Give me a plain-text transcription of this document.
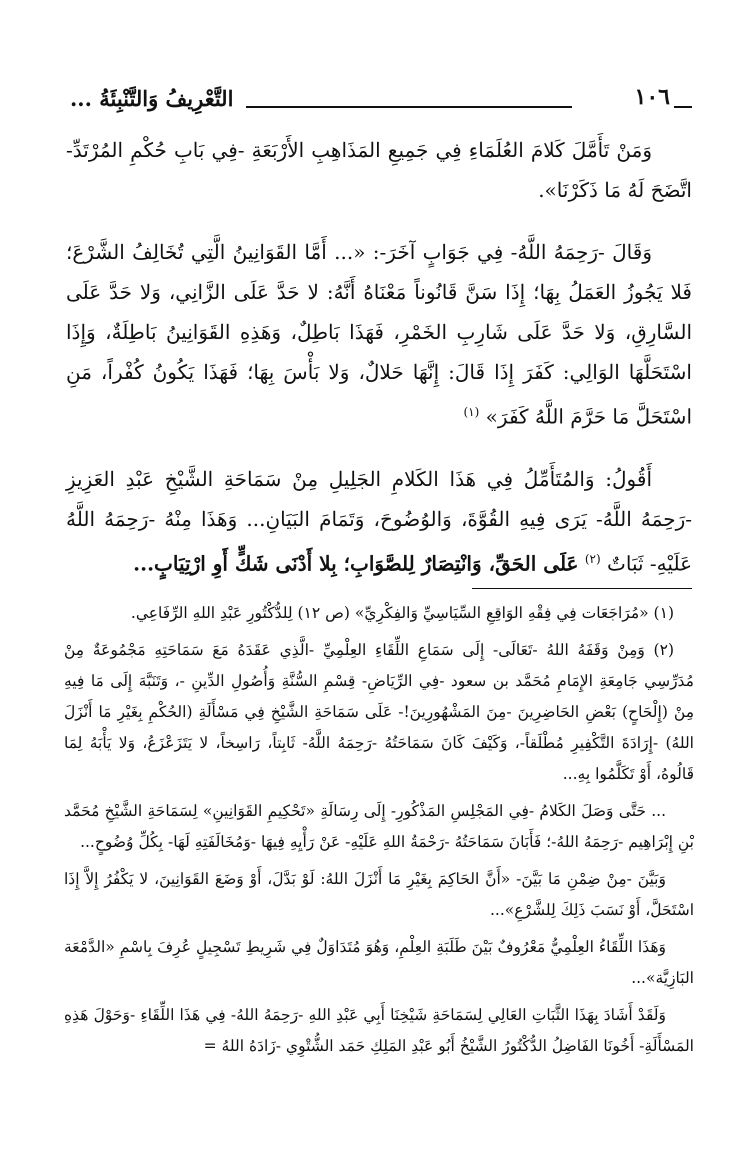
التَّعْرِيفُ وَالتَّنْبِئَةُ ...	١٠٦

وَمَنْ تَأَمَّلَ كَلامَ العُلَمَاءِ فِي جَمِيعِ المَذَاهِبِ الأَرْبَعَةِ -فِي بَابِ حُكْمِ المُرْتَدِّ- اتَّضَحَ لَهُ مَا ذَكَرْنَا».

وَقَالَ -رَحِمَهُ اللَّهُ- فِي جَوَابٍ آخَرَ-: «... أَمَّا القَوَانِينُ الَّتِي تُخَالِفُ الشَّرْعَ؛ فَلا يَجُوزُ العَمَلُ بِهَا؛ إِذَا سَنَّ قَانُوناً مَعْنَاهُ أَنَّهُ: لا حَدَّ عَلَى الزَّانِي، وَلا حَدَّ عَلَى السَّارِقِ، وَلا حَدَّ عَلَى شَارِبِ الخَمْرِ، فَهَذَا بَاطِلٌ، وَهَذِهِ القَوَانِينُ بَاطِلَةٌ، وَإِذَا اسْتَحَلَّهَا الوَالِي: كَفَرَ إِذَا قَالَ: إِنَّهَا حَلالٌ، وَلا بَأْسَ بِهَا؛ فَهَذَا يَكُونُ كُفْراً، مَنِ اسْتَحَلَّ مَا حَرَّمَ اللَّهُ كَفَرَ» $^{(١)}$

أَقُولُ: وَالمُتَأَمِّلُ فِي هَذَا الكَلامِ الجَلِيلِ مِنْ سَمَاحَةِ الشَّيْخِ عَبْدِ العَزِيزِ -رَحِمَهُ اللَّهُ- يَرَى فِيهِ القُوَّةَ، وَالوُضُوحَ، وَتَمَامَ البَيَانِ... وَهَذَا مِنْهُ -رَحِمَهُ اللَّهُ عَلَيْهِ- ثَبَاتٌ $^{(٢)}$ عَلَى الحَقِّ، وَانْتِصَارٌ لِلصَّوَابِ؛ بِلا أَدْنَى شَكٍّ أَوِ ارْتِيَابٍ...

(١) «مُرَاجَعَات فِي فِقْهِ الوَاقِعِ السِّيَاسِيِّ وَالفِكْرِيِّ» (ص ١٢) لِلدُّكْتُورِ عَبْدِ اللهِ الرِّفَاعِي.

(٢) وَمِنْ وَقَفَهُ اللهُ -تَعَالَى- إِلَى سَمَاعِ اللِّقَاءِ العِلْمِيِّ -الَّذِي عَقَدَهُ مَعَ سَمَاحَتِهِ مَجْمُوعَةٌ مِنْ مُدَرِّسِي جَامِعَةِ الإِمَامِ مُحَمَّد بن سعود -فِي الرِّيَاضِ- قِسْمِ السُّنَّةِ وَأُصُولِ الدِّينِ -، وَتَنَبَّهَ إِلَى مَا فِيهِ مِنْ (إِلْحَاحٍ) بَعْضِ الحَاضِرِينَ -مِنَ المَشْهُورِينَ!- عَلَى سَمَاحَةِ الشَّيْخِ فِي مَسْأَلَةِ (الحُكْمِ بِغَيْرِ مَا أَنْزَلَ اللهُ) -إِرَادَةَ التَّكْفِيرِ مُطْلَقاً-، وَكَيْفَ كَانَ سَمَاحَتُهُ -رَحِمَهُ اللَّهُ- ثَابِتاً، رَاسِخاً، لا يَتَزَعْزَعُ، وَلا يَأْبَهُ لِمَا قَالُوهُ، أَوْ تَكَلَّمُوا بِهِ...

... حَتَّى وَصَلَ الكَلامُ -فِي المَجْلِسِ المَذْكُورِ- إِلَى رِسَالَةِ «تَحْكِيمِ القَوَانِينِ» لِسَمَاحَةِ الشَّيْخِ مُحَمَّد بْنِ إِبْرَاهِيم -رَحِمَهُ اللهُ-؛ فَأَبَانَ سَمَاحَتُهُ -رَحْمَةُ اللهِ عَلَيْهِ- عَنْ رَأْيِهِ فِيهَا -وَمُخَالَفَتِهِ لَهَا- بِكُلِّ وُضُوحٍ...

وَبَيَّنَ -مِنْ ضِمْنِ مَا بَيَّنَ- «أَنَّ الحَاكِمَ بِغَيْرِ مَا أَنْزَلَ اللهُ: لَوْ بَدَّلَ، أَوْ وَضَعَ القَوَانِينَ، لا يَكْفُرُ إِلاَّ إِذَا اسْتَحَلَّ، أَوْ نَسَبَ ذَلِكَ لِلشَّرْعِ»...

وَهَذَا اللِّقَاءُ العِلْمِيُّ مَعْرُوفٌ بَيْنَ طَلَبَةِ العِلْمِ، وَهُوَ مُتَدَاوَلٌ فِي شَرِيطِ تَسْجِيلٍ عُرِفَ بِاسْمِ «الدَّمْعَة البَازِيَّة»...

وَلَقَدْ أَشَادَ بِهَذَا الثَّبَاتِ العَالِي لِسَمَاحَةِ شَيْخِنَا أَبِي عَبْدِ اللهِ -رَحِمَهُ اللهُ- فِي هَذَا اللِّقَاءِ -وَحَوْلَ هَذِهِ المَسْأَلَةِ- أَخُونَا الفَاضِلُ الدُّكْتُورُ الشَّيْخُ أَبُو عَبْدِ المَلِكِ حَمَد الشُّتْوِي -زَادَهُ اللهُ =
